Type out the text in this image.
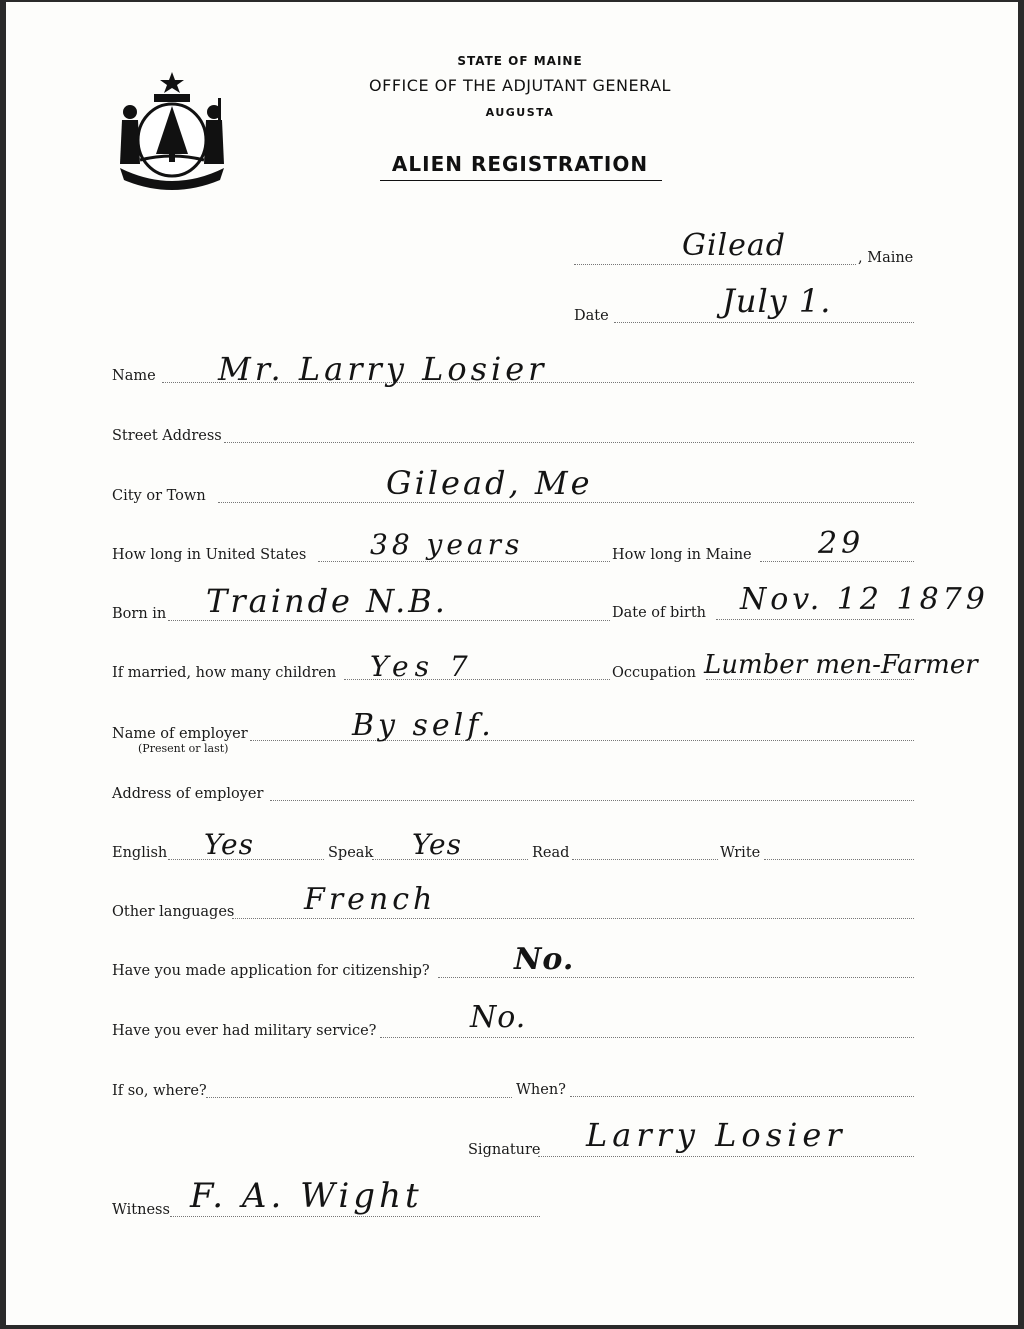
STATE OF MAINE
OFFICE OF THE ADJUTANT GENERAL
AUGUSTA
ALIEN REGISTRATION
Gilead	, Maine
Date	July 1.
Name Mr. Larry Losier
Street Address
City or Town	Gilead, Me
How long in United States 38 years	How long in Maine 29
Born in Trainde N.B.	Date of birth Nov. 12 1879
If married, how many children Yes 7	Occupation Lumber men-Farmer
Name of employer
(Present or last)
By self.
Address of employer
English Yes	Speak Yes	Read	Write
Other languages French
Have you made application for citizenship?	No.
Have you ever had military service?	No.
If so, where?	When?
Signature Larry Losier
Witness F. A. Wight
